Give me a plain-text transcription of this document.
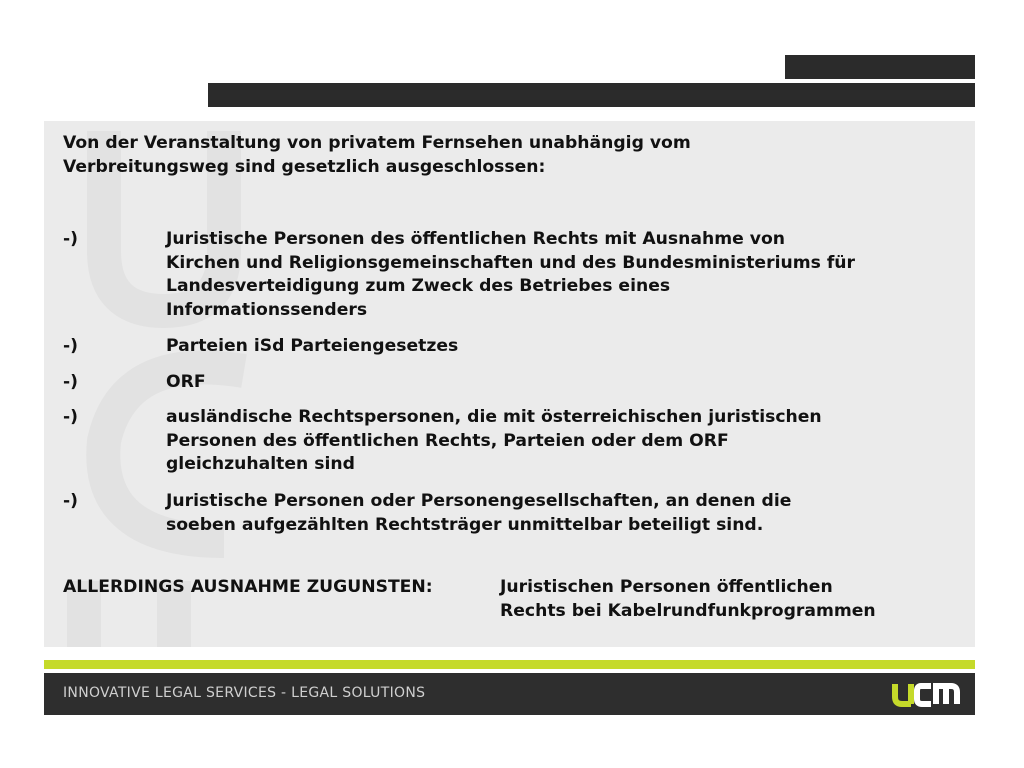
Von der Veranstaltung von privatem Fernsehen unabhängig vom
Verbreitungsweg sind gesetzlich ausgeschlossen:
-)	Juristische Personen des öffentlichen Rechts mit Ausnahme von
Kirchen und Religionsgemeinschaften und des Bundesministeriums für
Landesverteidigung zum Zweck des Betriebes eines
Informationssenders
-)	Parteien iSd Parteiengesetzes
-)	ORF
-)	ausländische Rechtspersonen, die mit österreichischen juristischen
Personen des öffentlichen Rechts, Parteien oder dem ORF
gleichzuhalten sind
-)	Juristische Personen oder Personengesellschaften, an denen die
soeben aufgezählten Rechtsträger unmittelbar beteiligt sind.
ALLERDINGS AUSNAHME ZUGUNSTEN:	Juristischen Personen öffentlichen
Rechts bei Kabelrundfunkprogrammen
INNOVATIVE LEGAL SERVICES - LEGAL SOLUTIONS
